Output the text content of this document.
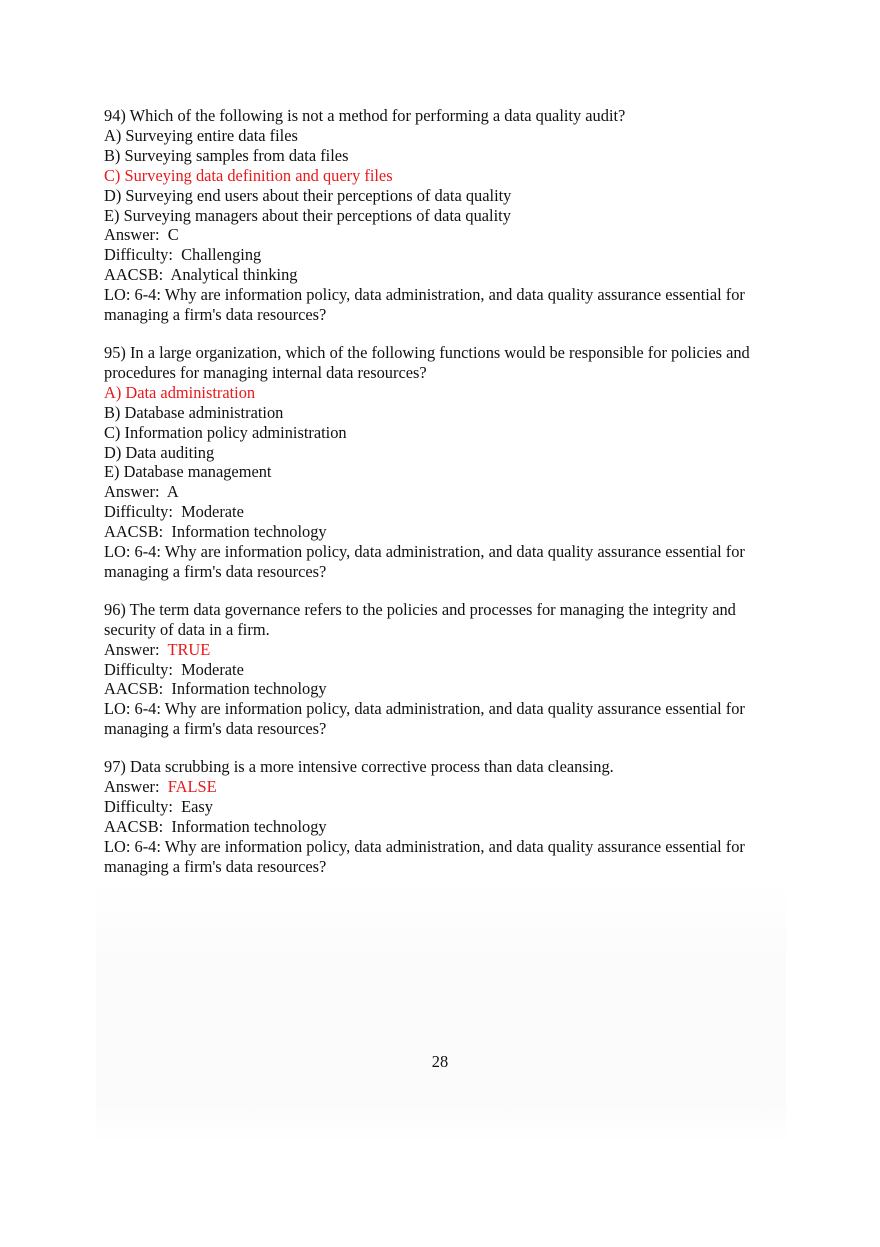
94) Which of the following is not a method for performing a data quality audit?
A) Surveying entire data files
B) Surveying samples from data files
C) Surveying data definition and query files
D) Surveying end users about their perceptions of data quality
E) Surveying managers about their perceptions of data quality
Answer:  C
Difficulty:  Challenging
AACSB:  Analytical thinking
LO: 6-4: Why are information policy, data administration, and data quality assurance essential for managing a firm's data resources?
95) In a large organization, which of the following functions would be responsible for policies and procedures for managing internal data resources?
A) Data administration
B) Database administration
C) Information policy administration
D) Data auditing
E) Database management
Answer:  A
Difficulty:  Moderate
AACSB:  Information technology
LO: 6-4: Why are information policy, data administration, and data quality assurance essential for managing a firm's data resources?
96) The term data governance refers to the policies and processes for managing the integrity and security of data in a firm.
Answer:  TRUE
Difficulty:  Moderate
AACSB:  Information technology
LO: 6-4: Why are information policy, data administration, and data quality assurance essential for managing a firm's data resources?
97) Data scrubbing is a more intensive corrective process than data cleansing.
Answer:  FALSE
Difficulty:  Easy
AACSB:  Information technology
LO: 6-4: Why are information policy, data administration, and data quality assurance essential for managing a firm's data resources?
28
